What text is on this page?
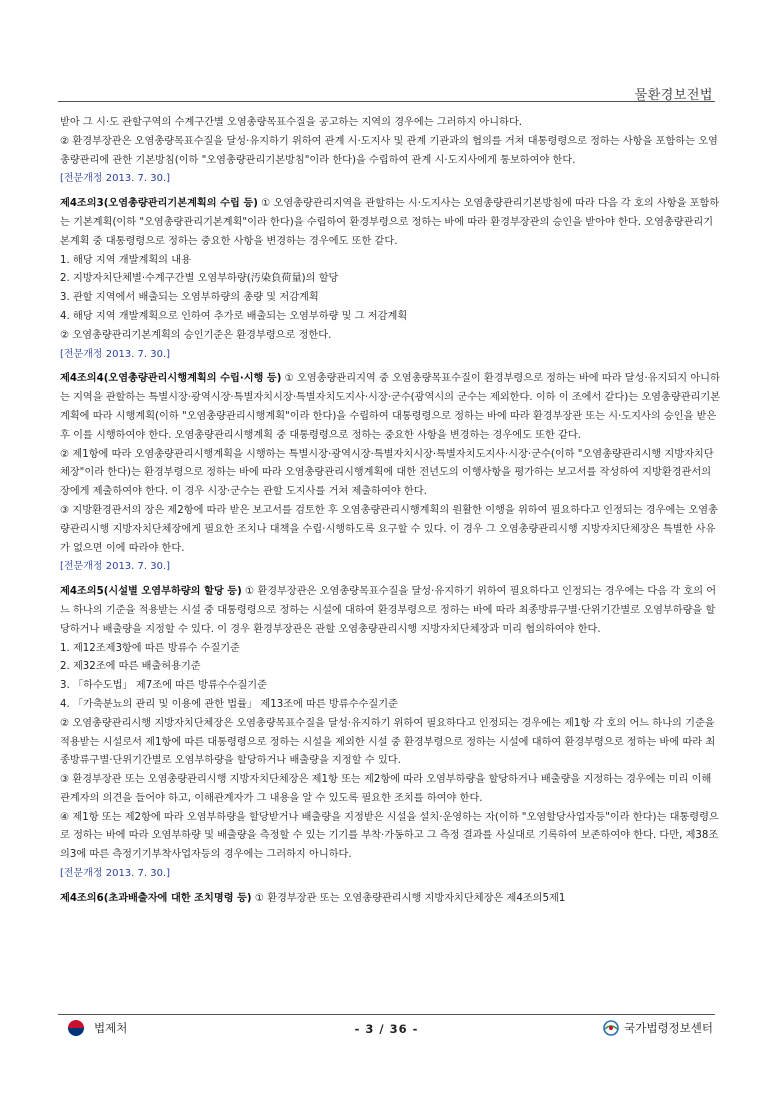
물환경보전법

받아 그 시·도 관할구역의 수계구간별 오염총량목표수질을 공고하는 지역의 경우에는 그러하지 아니하다.

② 환경부장관은 오염총량목표수질을 달성·유지하기 위하여 관계 시·도지사 및 관계 기관과의 협의를 거쳐 대통령령으로 정하는 사항을 포함하는 오염총량관리에 관한 기본방침(이하 "오염총량관리기본방침"이라 한다)을 수립하여 관계 시·도지사에게 통보하여야 한다.

[전문개정 2013. 7. 30.]

제4조의3(오염총량관리기본계획의 수립 등) ① 오염총량관리지역을 관할하는 시·도지사는 오염총량관리기본방침에 따라 다음 각 호의 사항을 포함하는 기본계획(이하 "오염총량관리기본계획"이라 한다)을 수립하여 환경부령으로 정하는 바에 따라 환경부장관의 승인을 받아야 한다. 오염총량관리기본계획 중 대통령령으로 정하는 중요한 사항을 변경하는 경우에도 또한 같다.

1. 해당 지역 개발계획의 내용

2. 지방자치단체별·수계구간별 오염부하량(汚染負荷量)의 할당

3. 관할 지역에서 배출되는 오염부하량의 총량 및 저감계획

4. 해당 지역 개발계획으로 인하여 추가로 배출되는 오염부하량 및 그 저감계획

② 오염총량관리기본계획의 승인기준은 환경부령으로 정한다.

[전문개정 2013. 7. 30.]

제4조의4(오염총량관리시행계획의 수립·시행 등) ① 오염총량관리지역 중 오염총량목표수질이 환경부령으로 정하는 바에 따라 달성·유지되지 아니하는 지역을 관할하는 특별시장·광역시장·특별자치시장·특별자치도지사·시장·군수(광역시의 군수는 제외한다. 이하 이 조에서 같다)는 오염총량관리기본계획에 따라 시행계획(이하 "오염총량관리시행계획"이라 한다)을 수립하여 대통령령으로 정하는 바에 따라 환경부장관 또는 시·도지사의 승인을 받은 후 이를 시행하여야 한다. 오염총량관리시행계획 중 대통령령으로 정하는 중요한 사항을 변경하는 경우에도 또한 같다.

② 제1항에 따라 오염총량관리시행계획을 시행하는 특별시장·광역시장·특별자치시장·특별자치도지사·시장·군수(이하 "오염총량관리시행 지방자치단체장"이라 한다)는 환경부령으로 정하는 바에 따라 오염총량관리시행계획에 대한 전년도의 이행사항을 평가하는 보고서를 작성하여 지방환경관서의 장에게 제출하여야 한다. 이 경우 시장·군수는 관할 도지사를 거쳐 제출하여야 한다.

③ 지방환경관서의 장은 제2항에 따라 받은 보고서를 검토한 후 오염총량관리시행계획의 원활한 이행을 위하여 필요하다고 인정되는 경우에는 오염총량관리시행 지방자치단체장에게 필요한 조치나 대책을 수립·시행하도록 요구할 수 있다. 이 경우 그 오염총량관리시행 지방자치단체장은 특별한 사유가 없으면 이에 따라야 한다.

[전문개정 2013. 7. 30.]

제4조의5(시설별 오염부하량의 할당 등) ① 환경부장관은 오염총량목표수질을 달성·유지하기 위하여 필요하다고 인정되는 경우에는 다음 각 호의 어느 하나의 기준을 적용받는 시설 중 대통령령으로 정하는 시설에 대하여 환경부령으로 정하는 바에 따라 최종방류구별·단위기간별로 오염부하량을 할당하거나 배출량을 지정할 수 있다. 이 경우 환경부장관은 관할 오염총량관리시행 지방자치단체장과 미리 협의하여야 한다.

1. 제12조제3항에 따른 방류수 수질기준

2. 제32조에 따른 배출허용기준

3. 「하수도법」 제7조에 따른 방류수수질기준

4. 「가축분뇨의 관리 및 이용에 관한 법률」 제13조에 따른 방류수수질기준

② 오염총량관리시행 지방자치단체장은 오염총량목표수질을 달성·유지하기 위하여 필요하다고 인정되는 경우에는 제1항 각 호의 어느 하나의 기준을 적용받는 시설로서 제1항에 따른 대통령령으로 정하는 시설을 제외한 시설 중 환경부령으로 정하는 시설에 대하여 환경부령으로 정하는 바에 따라 최종방류구별·단위기간별로 오염부하량을 할당하거나 배출량을 지정할 수 있다.

③ 환경부장관 또는 오염총량관리시행 지방자치단체장은 제1항 또는 제2항에 따라 오염부하량을 할당하거나 배출량을 지정하는 경우에는 미리 이해관계자의 의견을 들어야 하고, 이해관계자가 그 내용을 알 수 있도록 필요한 조치를 하여야 한다.

④ 제1항 또는 제2항에 따라 오염부하량을 할당받거나 배출량을 지정받은 시설을 설치·운영하는 자(이하 "오염할당사업자등"이라 한다)는 대통령령으로 정하는 바에 따라 오염부하량 및 배출량을 측정할 수 있는 기기를 부착·가동하고 그 측정 결과를 사실대로 기록하여 보존하여야 한다. 다만, 제38조의3에 따른 측정기기부착사업자등의 경우에는 그러하지 아니하다.

[전문개정 2013. 7. 30.]

제4조의6(초과배출자에 대한 조치명령 등) ① 환경부장관 또는 오염총량관리시행 지방자치단체장은 제4조의5제1

법제처	- 3 / 36 -	국가법령정보센터
